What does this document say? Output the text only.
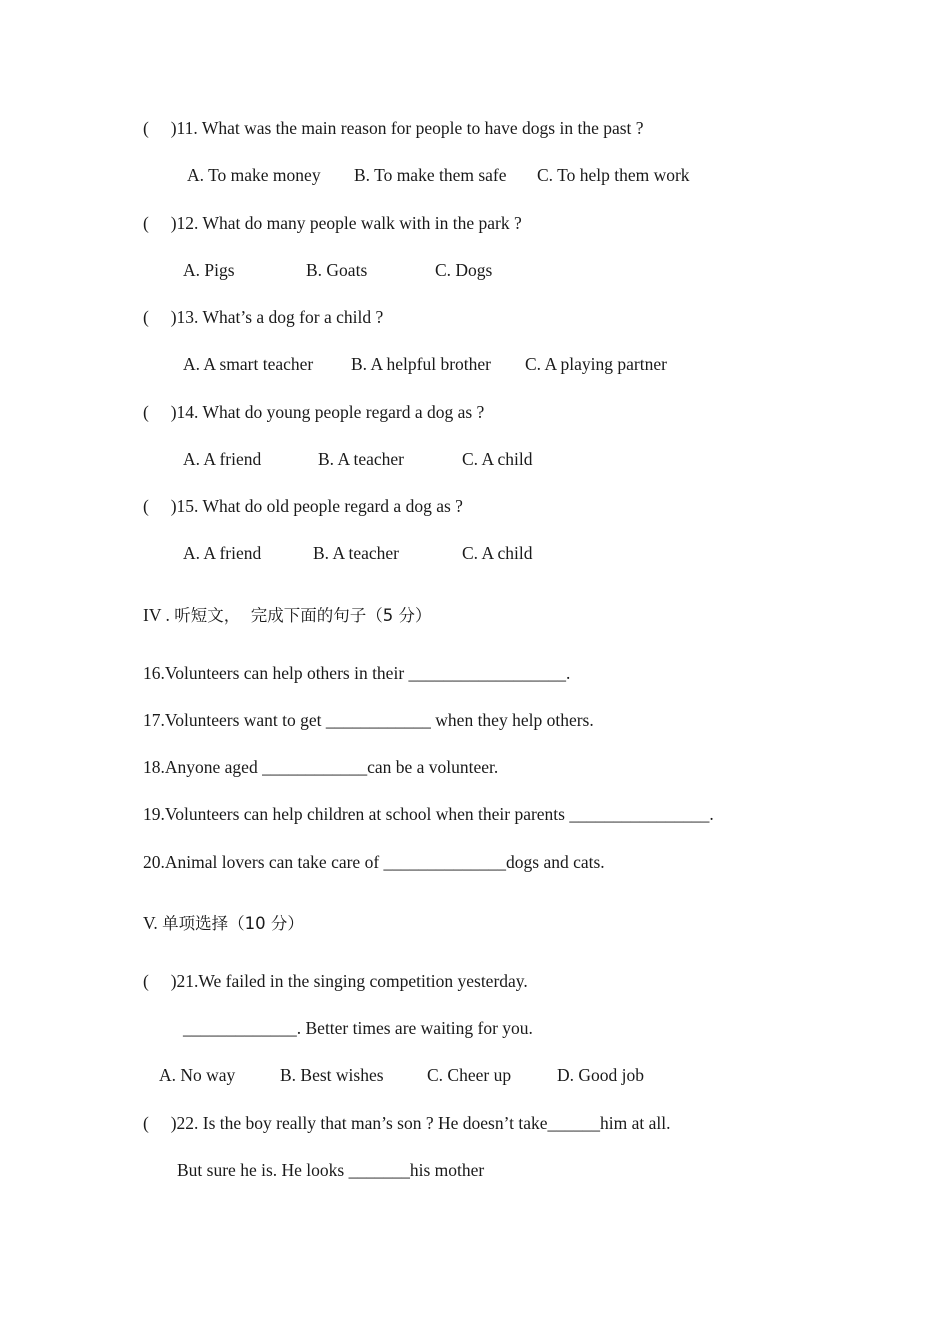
(     )11. What was the main reason for people to have dogs in the past ?

A. To make money B. To make them safe C. To help them work

(     )12. What do many people walk with in the park ?

A. Pigs	B. Goats	C. Dogs

(     )13. What’s a dog for a child ?

A. A smart teacher B. A helpful brother C. A playing partner

(     )14. What do young people regard a dog as ?

A. A friend	B. A teacher	C. A child

(     )15. What do old people regard a dog as ?

A. A friend	B. A teacher	C. A child

IV . 听短文，  完成下面的句子（5 分）

16.Volunteers can help others in their __________________.

17.Volunteers want to get ____________ when they help others.

18.Anyone aged ____________can be a volunteer.

19.Volunteers can help children at school when their parents ________________.

20.Animal lovers can take care of ______________dogs and cats.

V. 单项选择（10 分）

(     )21.We failed in the singing competition yesterday.

_____________. Better times are waiting for you.

A. No way	B. Best wishes C. Cheer up	D. Good job

(     )22. Is the boy really that man’s son ? He doesn’t take______him at all.

But sure he is. He looks _______his mother
